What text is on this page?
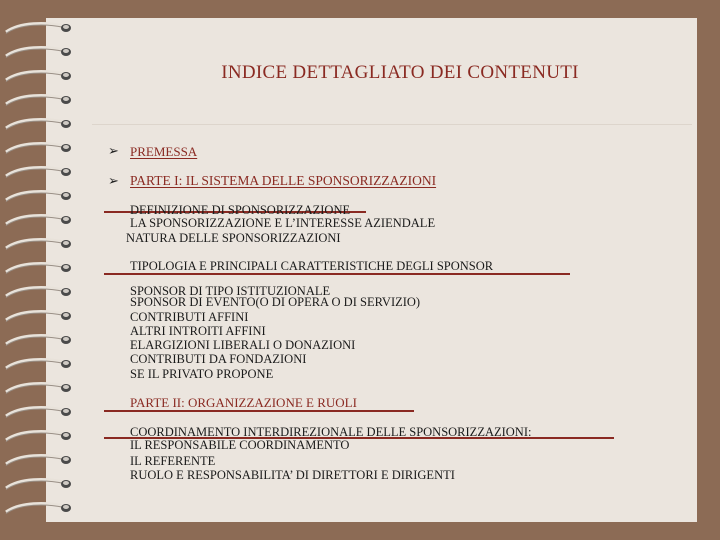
INDICE DETTAGLIATO DEI CONTENUTI
➢ PREMESSA
➢ PARTE I: IL SISTEMA DELLE SPONSORIZZAZIONI
DEFINIZIONE DI SPONSORIZZAZIONE
LA SPONSORIZZAZIONE E L’INTERESSE AZIENDALE
NATURA DELLE SPONSORIZZAZIONI
TIPOLOGIA E PRINCIPALI CARATTERISTICHE DEGLI SPONSOR
SPONSOR DI TIPO ISTITUZIONALE
SPONSOR DI EVENTO(O DI OPERA O DI SERVIZIO)
CONTRIBUTI AFFINI
ALTRI INTROITI AFFINI
ELARGIZIONI LIBERALI O DONAZIONI
CONTRIBUTI DA FONDAZIONI
SE IL PRIVATO PROPONE
PARTE II: ORGANIZZAZIONE E RUOLI
COORDINAMENTO INTERDIREZIONALE DELLE SPONSORIZZAZIONI:
IL RESPONSABILE COORDINAMENTO
IL REFERENTE
RUOLO E RESPONSABILITA’ DI DIRETTORI E DIRIGENTI
